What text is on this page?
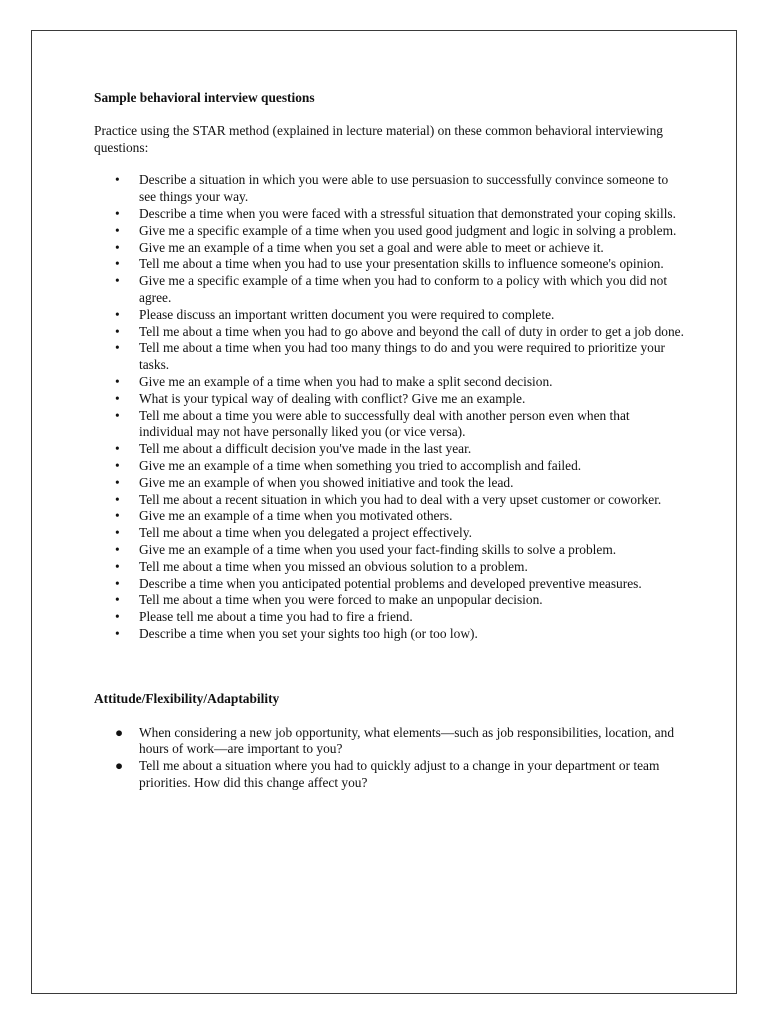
Sample behavioral interview questions

Practice using the STAR method (explained in lecture material) on these common behavioral interviewing questions:

• Describe a situation in which you were able to use persuasion to successfully convince someone to see things your way.
• Describe a time when you were faced with a stressful situation that demonstrated your coping skills.
• Give me a specific example of a time when you used good judgment and logic in solving a problem.
• Give me an example of a time when you set a goal and were able to meet or achieve it.
• Tell me about a time when you had to use your presentation skills to influence someone's opinion.
• Give me a specific example of a time when you had to conform to a policy with which you did not agree.
• Please discuss an important written document you were required to complete.
• Tell me about a time when you had to go above and beyond the call of duty in order to get a job done.
• Tell me about a time when you had too many things to do and you were required to prioritize your tasks.
• Give me an example of a time when you had to make a split second decision.
• What is your typical way of dealing with conflict? Give me an example.
• Tell me about a time you were able to successfully deal with another person even when that individual may not have personally liked you (or vice versa).
• Tell me about a difficult decision you've made in the last year.
• Give me an example of a time when something you tried to accomplish and failed.
• Give me an example of when you showed initiative and took the lead.
• Tell me about a recent situation in which you had to deal with a very upset customer or coworker.
• Give me an example of a time when you motivated others.
• Tell me about a time when you delegated a project effectively.
• Give me an example of a time when you used your fact-finding skills to solve a problem.
• Tell me about a time when you missed an obvious solution to a problem.
• Describe a time when you anticipated potential problems and developed preventive measures.
• Tell me about a time when you were forced to make an unpopular decision.
• Please tell me about a time you had to fire a friend.
• Describe a time when you set your sights too high (or too low).

Attitude/Flexibility/Adaptability

● When considering a new job opportunity, what elements—such as job responsibilities, location, and hours of work—are important to you?
● Tell me about a situation where you had to quickly adjust to a change in your department or team priorities. How did this change affect you?
